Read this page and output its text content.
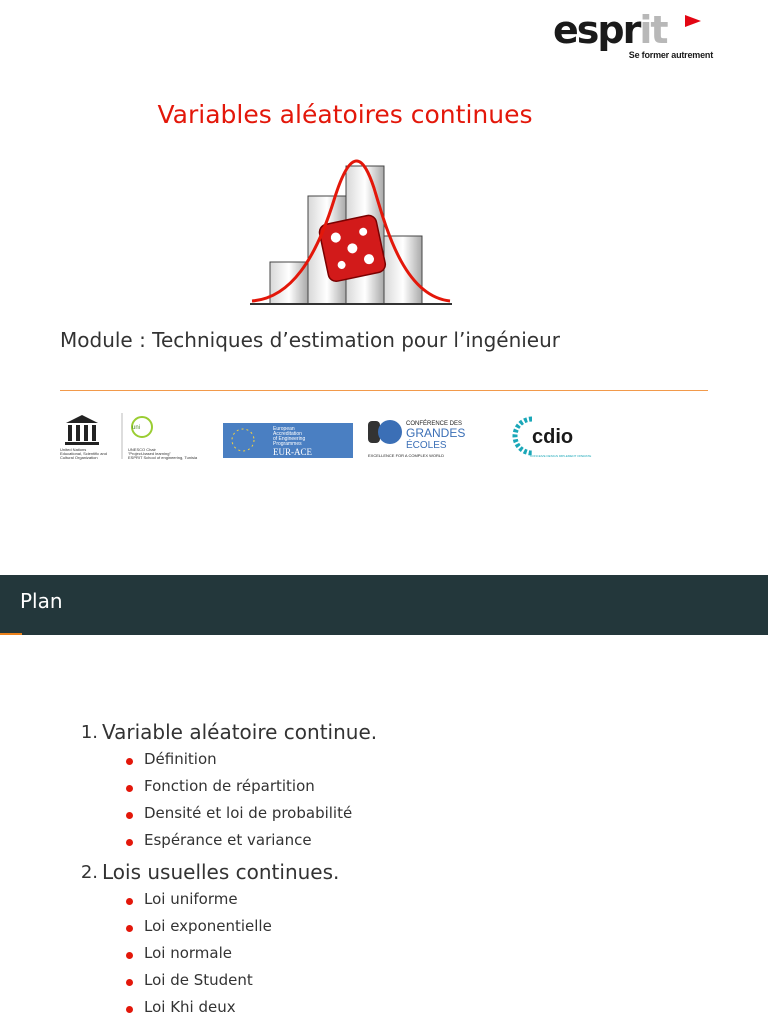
espr it
Se former autrement
Variables aléatoires continues
Module : Techniques d’estimation pour l’ingénieur
United Nations
Educational, Scientific and
Cultural Organization
uni
UNESCO Chair
"Project-based learning"
ESPRIT School of engineering, Tunisia
European
Accreditation
of Engineering
Programmes
EUR-ACE
CONFÉRENCE DES
GRANDES
ÉCOLES
EXCELLENCE FOR A COMPLEX WORLD
cdio
CONCEIVE DESIGN IMPLEMENT OPERATE
Plan
1. Variable aléatoire continue.
Définition
Fonction de répartition
Densité et loi de probabilité
Espérance et variance
2. Lois usuelles continues.
Loi uniforme
Loi exponentielle
Loi normale
Loi de Student
Loi Khi deux
